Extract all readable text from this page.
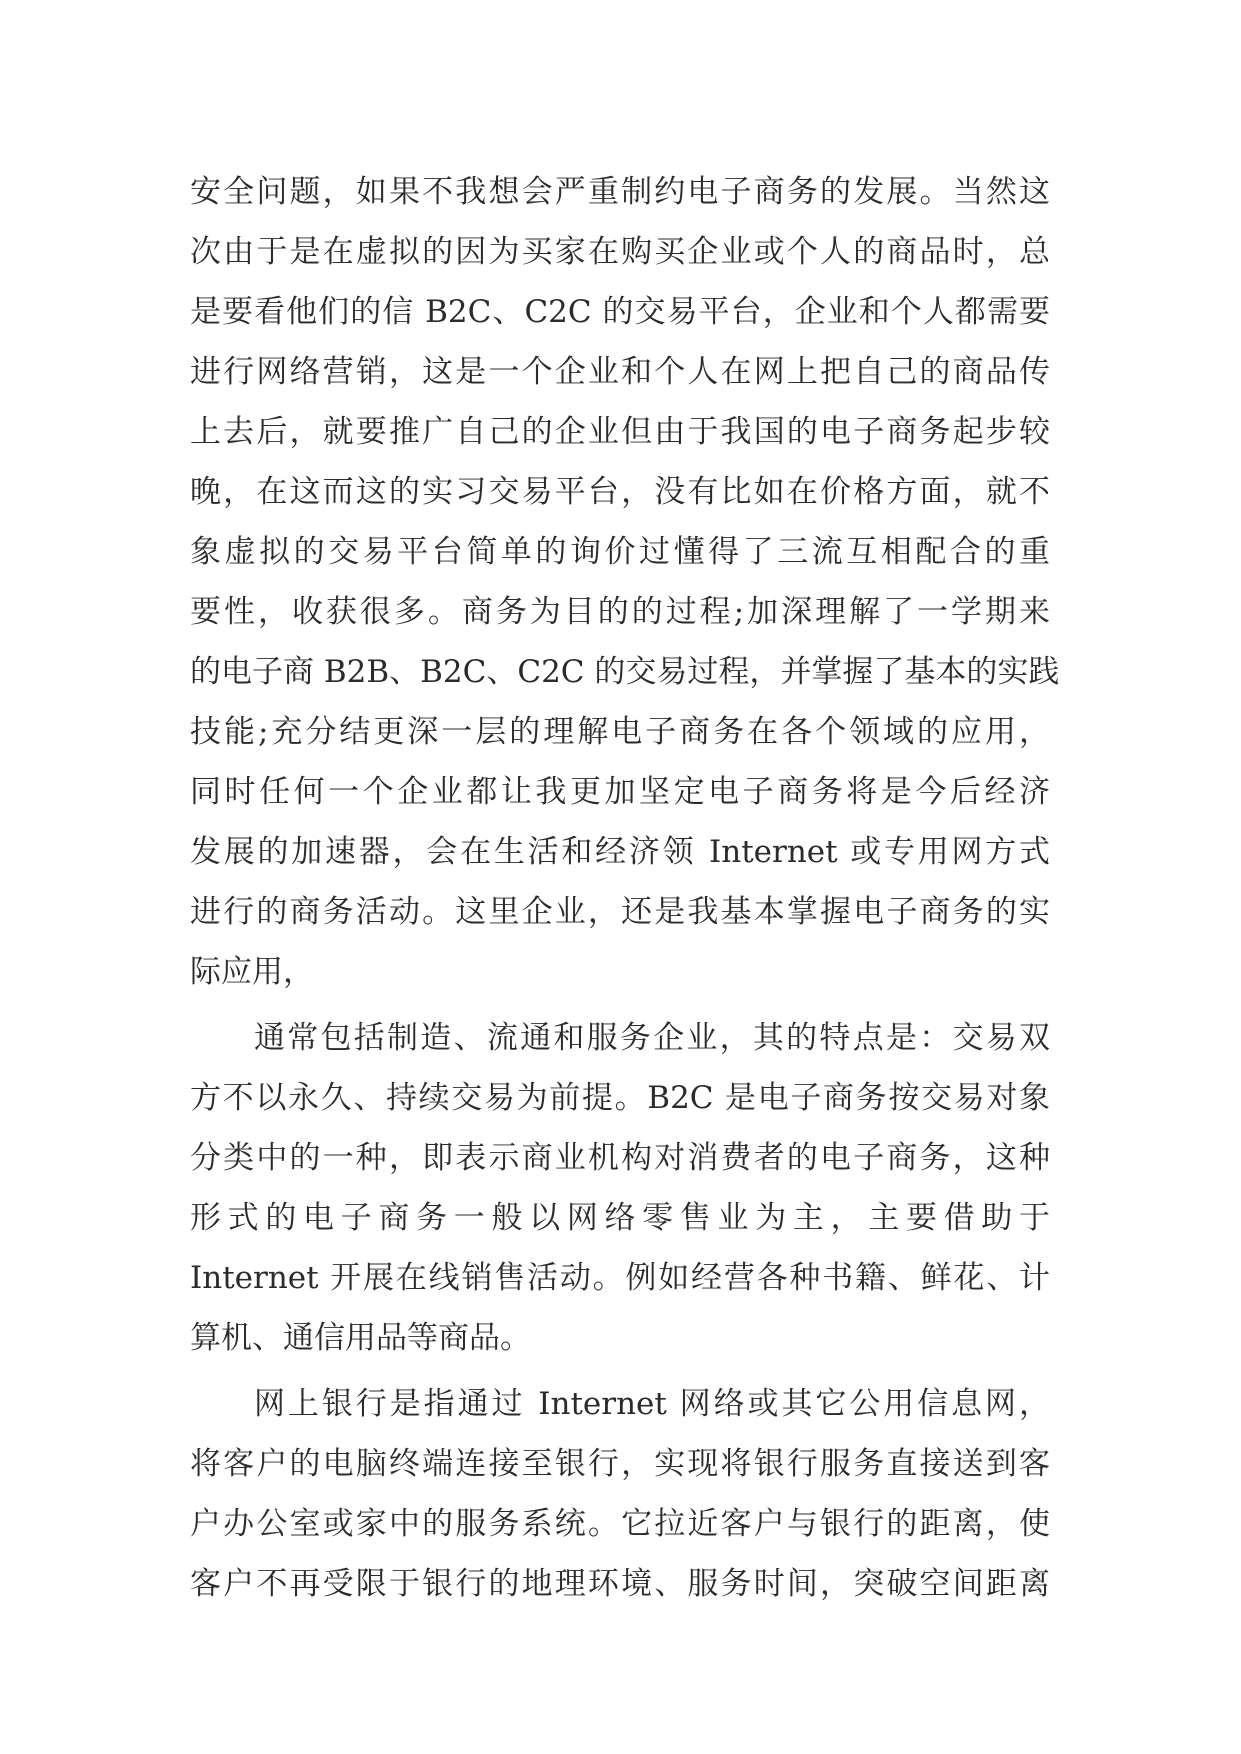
安全问题，如果不我想会严重制约电子商务的发展。当然这
次由于是在虚拟的因为买家在购买企业或个人的商品时，总
是要看他们的信 B2C、C2C 的交易平台，企业和个人都需要
进行网络营销，这是一个企业和个人在网上把自己的商品传
上去后，就要推广自己的企业但由于我国的电子商务起步较
晚，在这而这的实习交易平台，没有比如在价格方面，就不
象虚拟的交易平台简单的询价过懂得了三流互相配合的重
要性，收获很多。商务为目的的过程;加深理解了一学期来
的电子商 B2B、B2C、C2C 的交易过程，并掌握了基本的实践
技能;充分结更深一层的理解电子商务在各个领域的应用，
同时任何一个企业都让我更加坚定电子商务将是今后经济
发展的加速器，会在生活和经济领 Internet 或专用网方式
进行的商务活动。这里企业，还是我基本掌握电子商务的实
际应用，
通常包括制造、流通和服务企业，其的特点是：交易双
方不以永久、持续交易为前提。B2C 是电子商务按交易对象
分类中的一种，即表示商业机构对消费者的电子商务，这种
形式的电子商务一般以网络零售业为主，主要借助于
Internet 开展在线销售活动。例如经营各种书籍、鲜花、计
算机、通信用品等商品。
网上银行是指通过 Internet 网络或其它公用信息网，
将客户的电脑终端连接至银行，实现将银行服务直接送到客
户办公室或家中的服务系统。它拉近客户与银行的距离，使
客户不再受限于银行的地理环境、服务时间，突破空间距离
